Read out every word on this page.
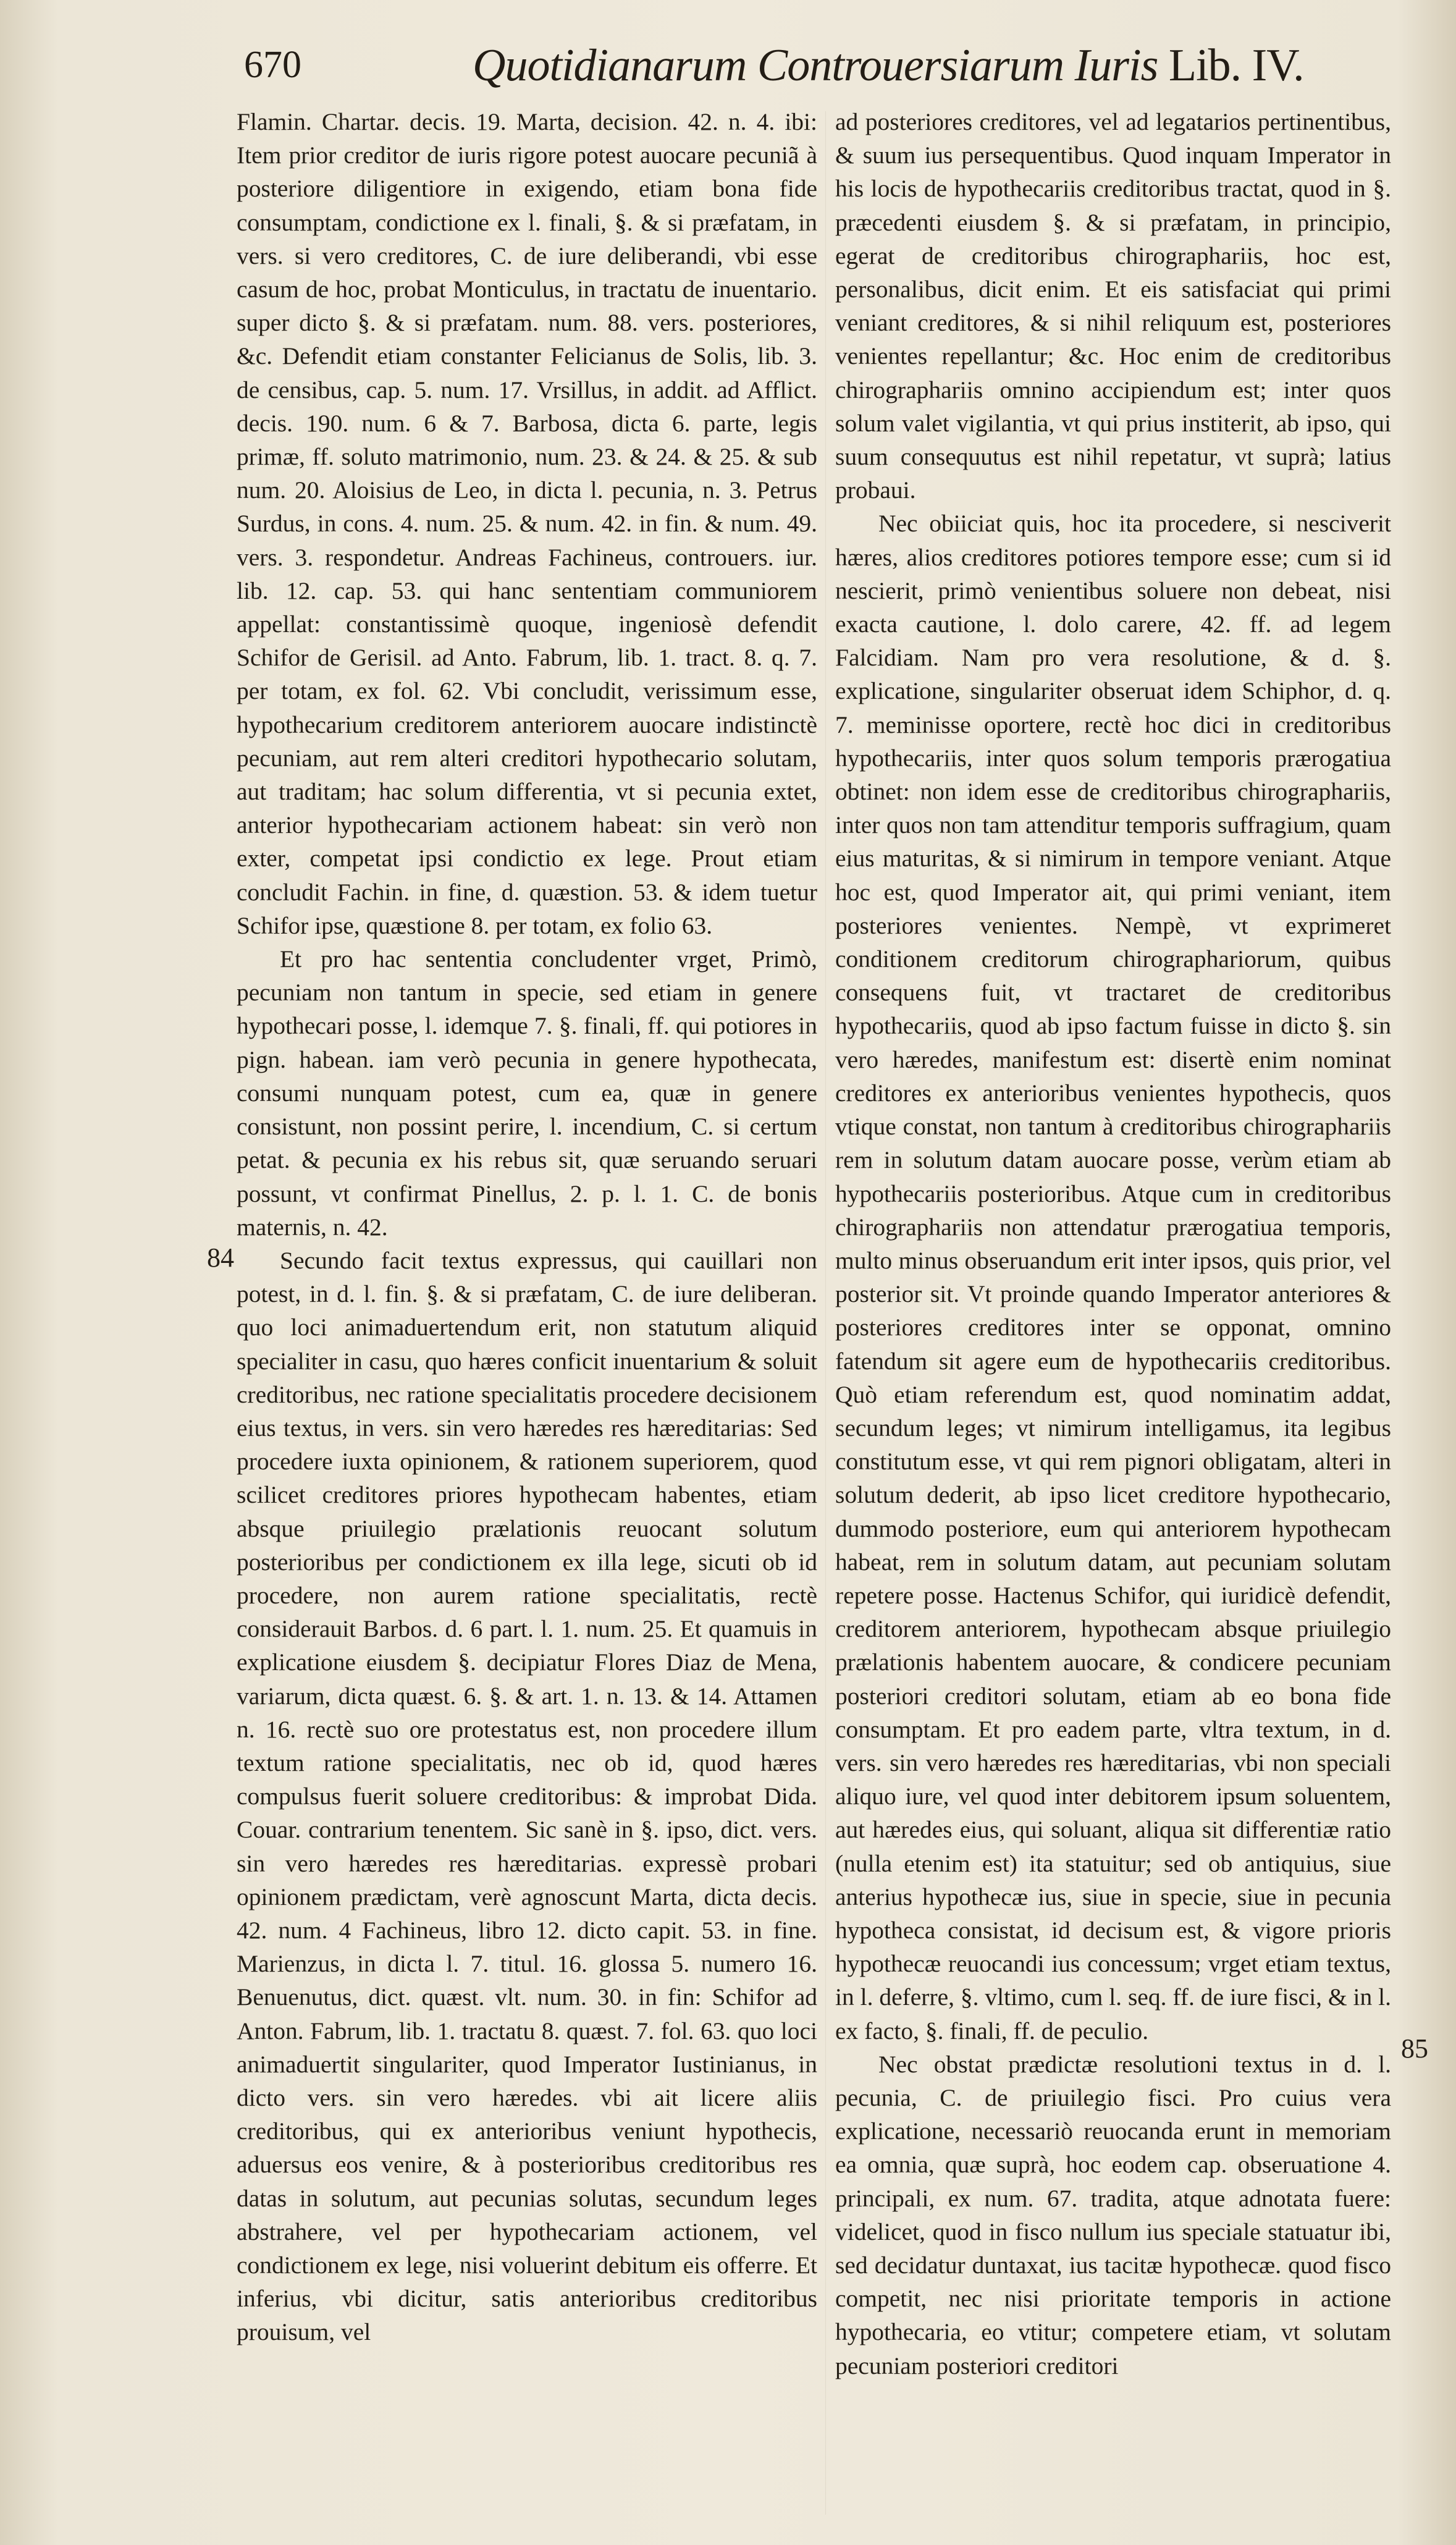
670	Quotidianarum Controuersiarum Iuris Lib. IV.

Flamin. Chartar. decis. 19. Marta, decision. 42. n. 4. ibi: Item prior creditor de iuris rigore potest auocare pecuniã à posteriore diligentiore in exigendo, etiam bona fide consumptam, condictione ex l. finali, §. & si præfatam, in vers. si vero creditores, C. de iure deliberandi, vbi esse casum de hoc, probat Monticulus, in tractatu de inuentario. super dicto §. & si præfatam. num. 88. vers. posteriores, &c. Defendit etiam constanter Felicianus de Solis, lib. 3. de censibus, cap. 5. num. 17. Vrsillus, in addit. ad Afflict. decis. 190. num. 6 & 7. Barbosa, dicta 6. parte, legis primæ, ff. soluto matrimonio, num. 23. & 24. & 25. & sub num. 20. Aloisius de Leo, in dicta l. pecunia, n. 3. Petrus Surdus, in cons. 4. num. 25. & num. 42. in fin. & num. 49. vers. 3. respondetur. Andreas Fachineus, controuers. iur. lib. 12. cap. 53. qui hanc sententiam communiorem appellat: constantissimè quoque, ingeniosè defendit Schifor de Gerisil. ad Anto. Fabrum, lib. 1. tract. 8. q. 7. per totam, ex fol. 62. Vbi concludit, verissimum esse, hypothecarium creditorem anteriorem auocare indistinctè pecuniam, aut rem alteri creditori hypothecario solutam, aut traditam; hac solum differentia, vt si pecunia extet, anterior hypothecariam actionem habeat: sin verò non exter, competat ipsi condictio ex lege. Prout etiam concludit Fachin. in fine, d. quæstion. 53. & idem tuetur Schifor ipse, quæstione 8. per totam, ex folio 63.

Et pro hac sententia concludenter vrget, Primò, pecuniam non tantum in specie, sed etiam in genere hypothecari posse, l. idemque 7. §. finali, ff. qui potiores in pign. habean. iam verò pecunia in genere hypothecata, consumi nunquam potest, cum ea, quæ in genere consistunt, non possint perire, l. incendium, C. si certum petat. & pecunia ex his rebus sit, quæ seruando seruari possunt, vt confirmat Pinellus, 2. p. l. 1. C. de bonis maternis, n. 42.

Secundo facit textus expressus, qui cauillari non potest, in d. l. fin. §. & si præfatam, C. de iure deliberan. quo loci animaduertendum erit, non statutum aliquid specialiter in casu, quo hæres conficit inuentarium & soluit creditoribus, nec ratione specialitatis procedere decisionem eius textus, in vers. sin vero hæredes res hæreditarias: Sed procedere iuxta opinionem, & rationem superiorem, quod scilicet creditores priores hypothecam habentes, etiam absque priuilegio prælationis reuocant solutum posterioribus per condictionem ex illa lege, sicuti ob id procedere, non aurem ratione specialitatis, rectè considerauit Barbos. d. 6 part. l. 1. num. 25. Et quamuis in explicatione eiusdem §. decipiatur Flores Diaz de Mena, variarum, dicta quæst. 6. §. & art. 1. n. 13. & 14. Attamen n. 16. rectè suo ore protestatus est, non procedere illum textum ratione specialitatis, nec ob id, quod hæres compulsus fuerit soluere creditoribus: & improbat Dida. Couar. contrarium tenentem. Sic sanè in §. ipso, dict. vers. sin vero hæredes res hæreditarias. expressè probari opinionem prædictam, verè agnoscunt Marta, dicta decis. 42. num. 4 Fachineus, libro 12. dicto capit. 53. in fine. Marienzus, in dicta l. 7. titul. 16. glossa 5. numero 16. Benuenutus, dict. quæst. vlt. num. 30. in fin: Schifor ad Anton. Fabrum, lib. 1. tractatu 8. quæst. 7. fol. 63. quo loci animaduertit singulariter, quod Imperator Iustinianus, in dicto vers. sin vero hæredes. vbi ait licere aliis creditoribus, qui ex anterioribus veniunt hypothecis, aduersus eos venire, & à posterioribus creditoribus res datas in solutum, aut pecunias solutas, secundum leges abstrahere, vel per hypothecariam actionem, vel condictionem ex lege, nisi voluerint debitum eis offerre. Et inferius, vbi dicitur, satis anterioribus creditoribus prouisum, vel

ad posteriores creditores, vel ad legatarios pertinentibus, & suum ius persequentibus. Quod inquam Imperator in his locis de hypothecariis creditoribus tractat, quod in §. præcedenti eiusdem §. & si præfatam, in principio, egerat de creditoribus chirographariis, hoc est, personalibus, dicit enim. Et eis satisfaciat qui primi veniant creditores, & si nihil reliquum est, posteriores venientes repellantur; &c. Hoc enim de creditoribus chirographariis omnino accipiendum est; inter quos solum valet vigilantia, vt qui prius institerit, ab ipso, qui suum consequutus est nihil repetatur, vt suprà; latius probaui.

Nec obiiciat quis, hoc ita procedere, si nesciverit hæres, alios creditores potiores tempore esse; cum si id nescierit, primò venientibus soluere non debeat, nisi exacta cautione, l. dolo carere, 42. ff. ad legem Falcidiam. Nam pro vera resolutione, & d. §. explicatione, singulariter obseruat idem Schiphor, d. q. 7. meminisse oportere, rectè hoc dici in creditoribus hypothecariis, inter quos solum temporis prærogatiua obtinet: non idem esse de creditoribus chirographariis, inter quos non tam attenditur temporis suffragium, quam eius maturitas, & si nimirum in tempore veniant. Atque hoc est, quod Imperator ait, qui primi veniant, item posteriores venientes. Nempè, vt exprimeret conditionem creditorum chirographariorum, quibus consequens fuit, vt tractaret de creditoribus hypothecariis, quod ab ipso factum fuisse in dicto §. sin vero hæredes, manifestum est: disertè enim nominat creditores ex anterioribus venientes hypothecis, quos vtique constat, non tantum à creditoribus chirographariis rem in solutum datam auocare posse, verùm etiam ab hypothecariis posterioribus. Atque cum in creditoribus chirographariis non attendatur prærogatiua temporis, multo minus obseruandum erit inter ipsos, quis prior, vel posterior sit. Vt proinde quando Imperator anteriores & posteriores creditores inter se opponat, omnino fatendum sit agere eum de hypothecariis creditoribus. Quò etiam referendum est, quod nominatim addat, secundum leges; vt nimirum intelligamus, ita legibus constitutum esse, vt qui rem pignori obligatam, alteri in solutum dederit, ab ipso licet creditore hypothecario, dummodo posteriore, eum qui anteriorem hypothecam habeat, rem in solutum datam, aut pecuniam solutam repetere posse. Hactenus Schifor, qui iuridicè defendit, creditorem anteriorem, hypothecam absque priuilegio prælationis habentem auocare, & condicere pecuniam posteriori creditori solutam, etiam ab eo bona fide consumptam. Et pro eadem parte, vltra textum, in d. vers. sin vero hæredes res hæreditarias, vbi non speciali aliquo iure, vel quod inter debitorem ipsum soluentem, aut hæredes eius, qui soluant, aliqua sit differentiæ ratio (nulla etenim est) ita statuitur; sed ob antiquius, siue anterius hypothecæ ius, siue in specie, siue in pecunia hypotheca consistat, id decisum est, & vigore prioris hypothecæ reuocandi ius concessum; vrget etiam textus, in l. deferre, §. vltimo, cum l. seq. ff. de iure fisci, & in l. ex facto, §. finali, ff. de peculio.

Nec obstat prædictæ resolutioni textus in d. l. pecunia, C. de priuilegio fisci. Pro cuius vera explicatione, necessariò reuocanda erunt in memoriam ea omnia, quæ suprà, hoc eodem cap. obseruatione 4. principali, ex num. 67. tradita, atque adnotata fuere: videlicet, quod in fisco nullum ius speciale statuatur ibi, sed decidatur duntaxat, ius tacitæ hypothecæ. quod fisco competit, nec nisi prioritate temporis in actione hypothecaria, eo vtitur; competere etiam, vt solutam pecuniam posteriori creditori

84
85
